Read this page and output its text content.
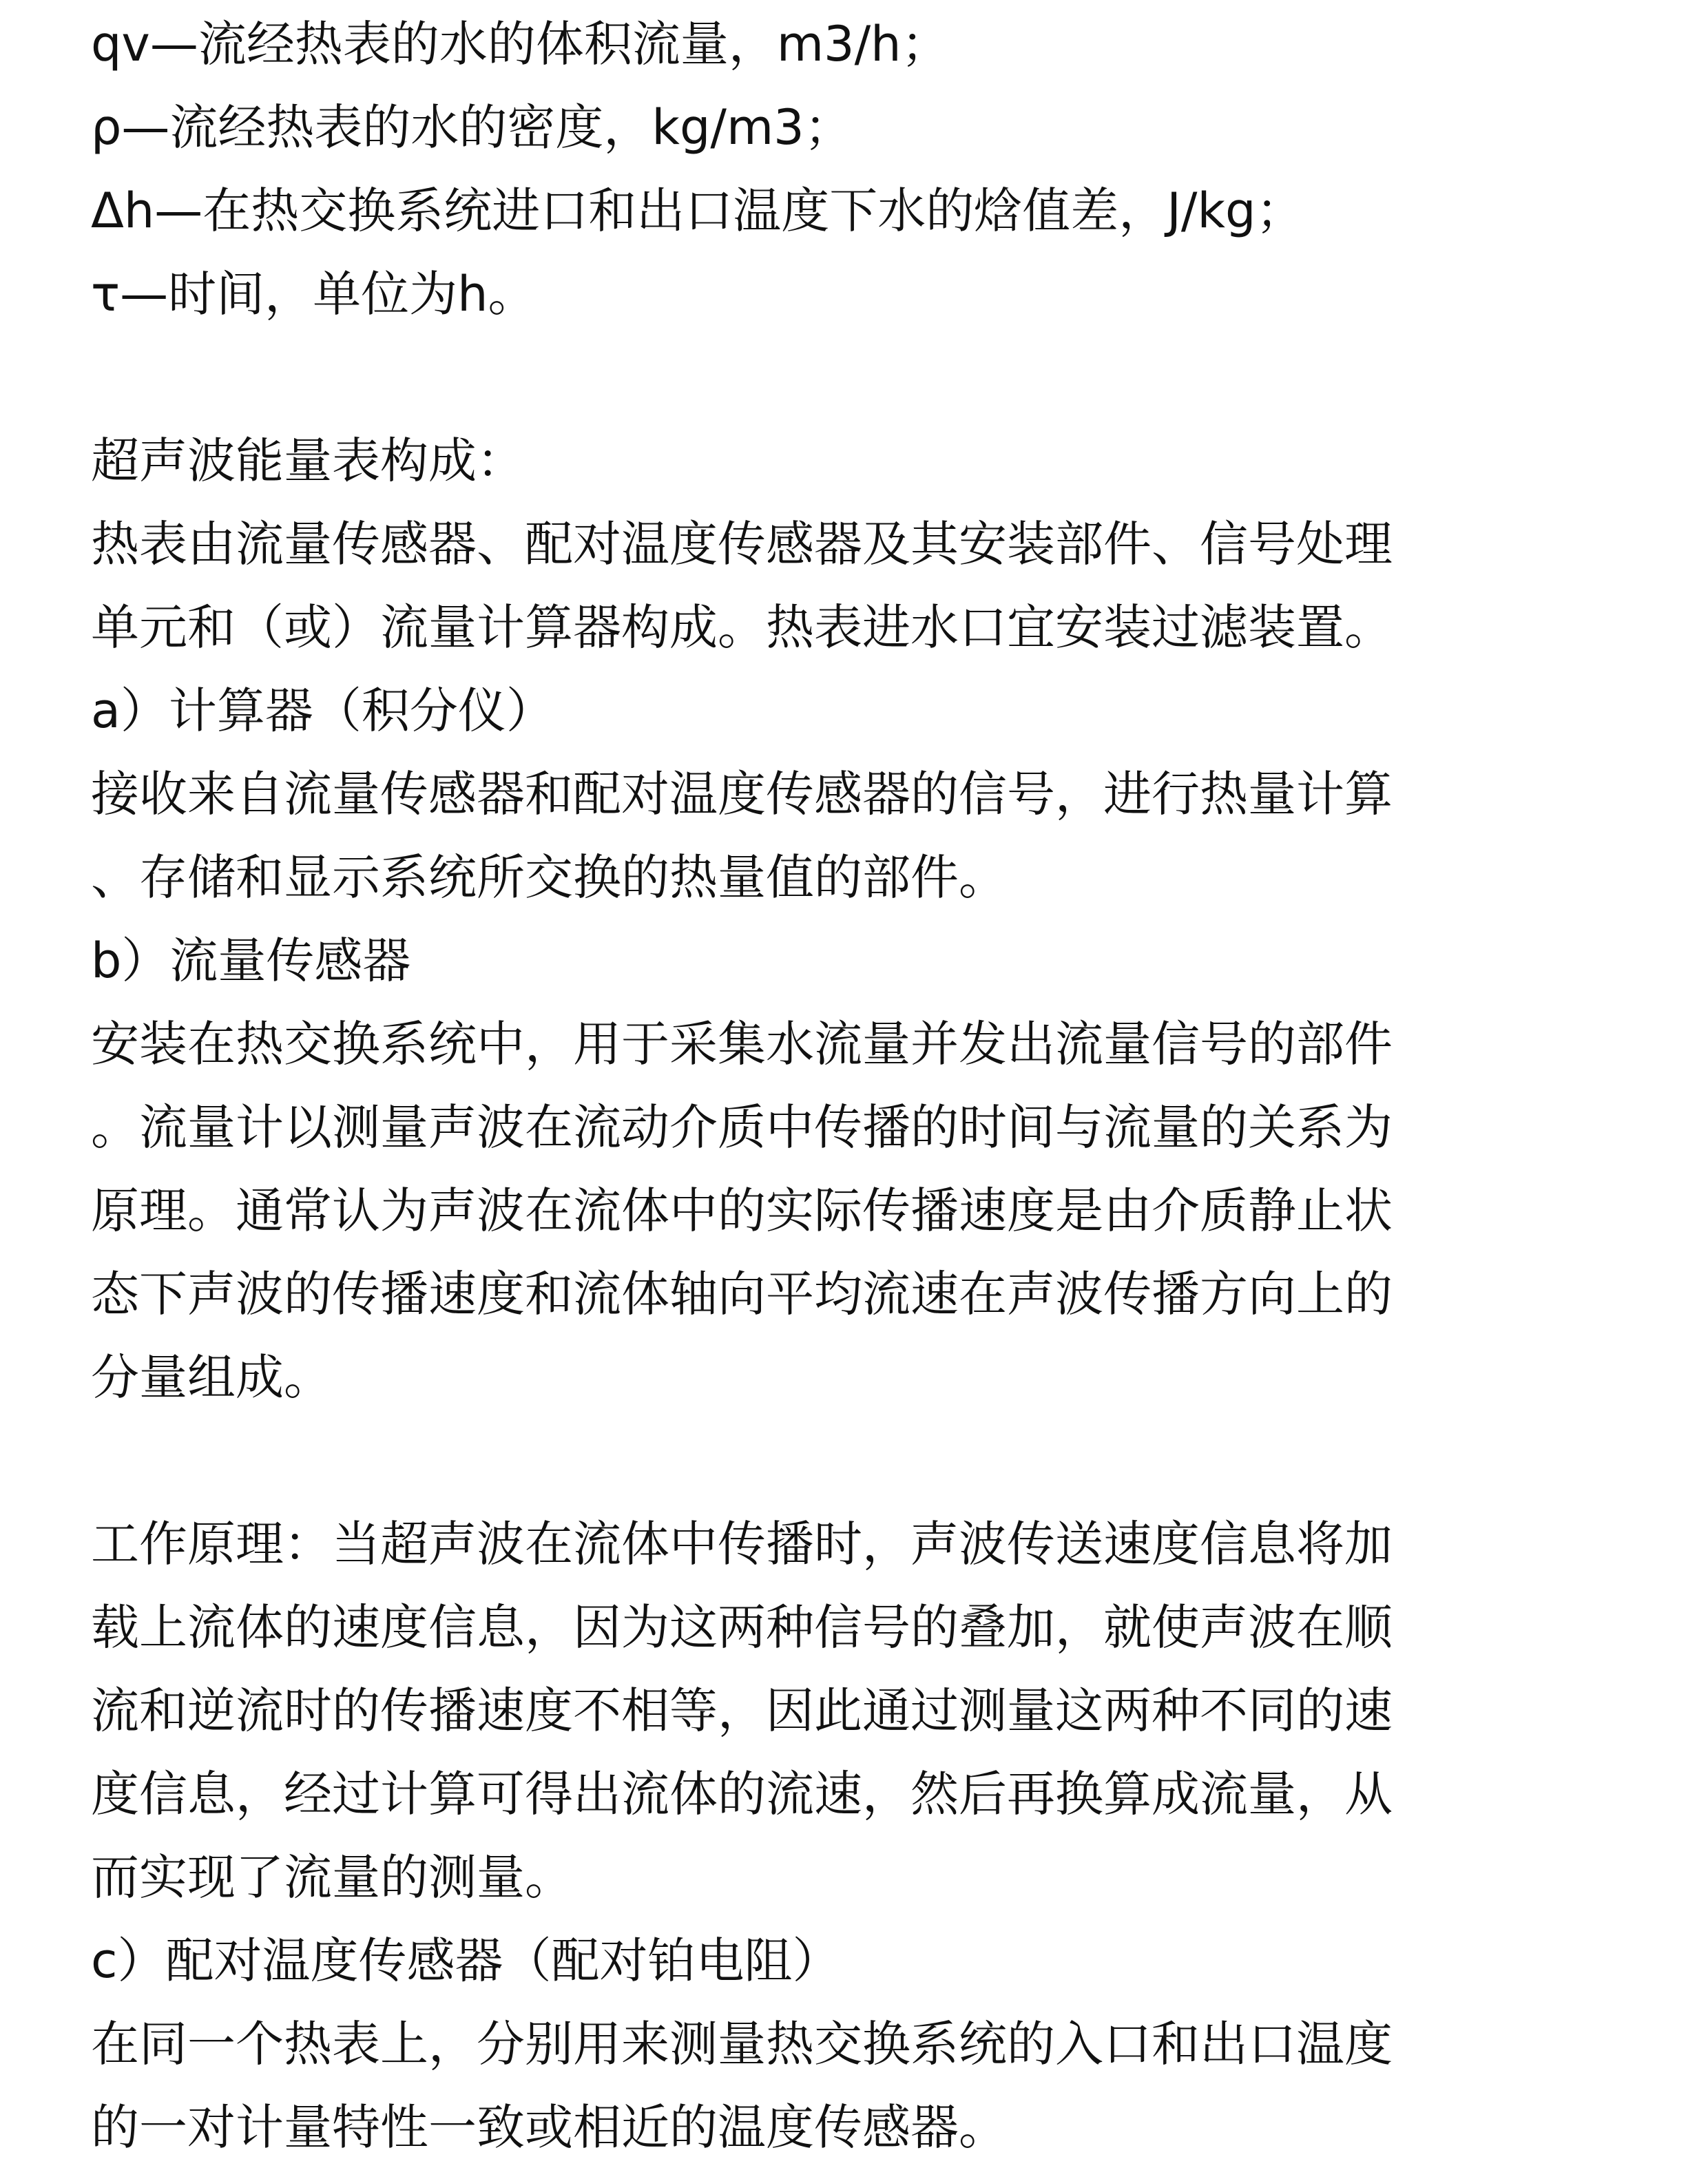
qv—流经热表的水的体积流量，m3/h；
ρ—流经热表的水的密度，kg/m3；
Δh—在热交换系统进口和出口温度下水的焓值差，J/kg；
τ—时间，单位为h。
超声波能量表构成：
热表由流量传感器、配对温度传感器及其安装部件、信号处理
单元和（或）流量计算器构成。热表进水口宜安装过滤装置。
a）计算器（积分仪）
接收来自流量传感器和配对温度传感器的信号，进行热量计算
、存储和显示系统所交换的热量值的部件。
b）流量传感器
安装在热交换系统中，用于采集水流量并发出流量信号的部件
。流量计以测量声波在流动介质中传播的时间与流量的关系为
原理。通常认为声波在流体中的实际传播速度是由介质静止状
态下声波的传播速度和流体轴向平均流速在声波传播方向上的
分量组成。
工作原理：当超声波在流体中传播时，声波传送速度信息将加
载上流体的速度信息，因为这两种信号的叠加，就使声波在顺
流和逆流时的传播速度不相等，因此通过测量这两种不同的速
度信息，经过计算可得出流体的流速，然后再换算成流量，从
而实现了流量的测量。
c）配对温度传感器（配对铂电阻）
在同一个热表上，分别用来测量热交换系统的入口和出口温度
的一对计量特性一致或相近的温度传感器。
